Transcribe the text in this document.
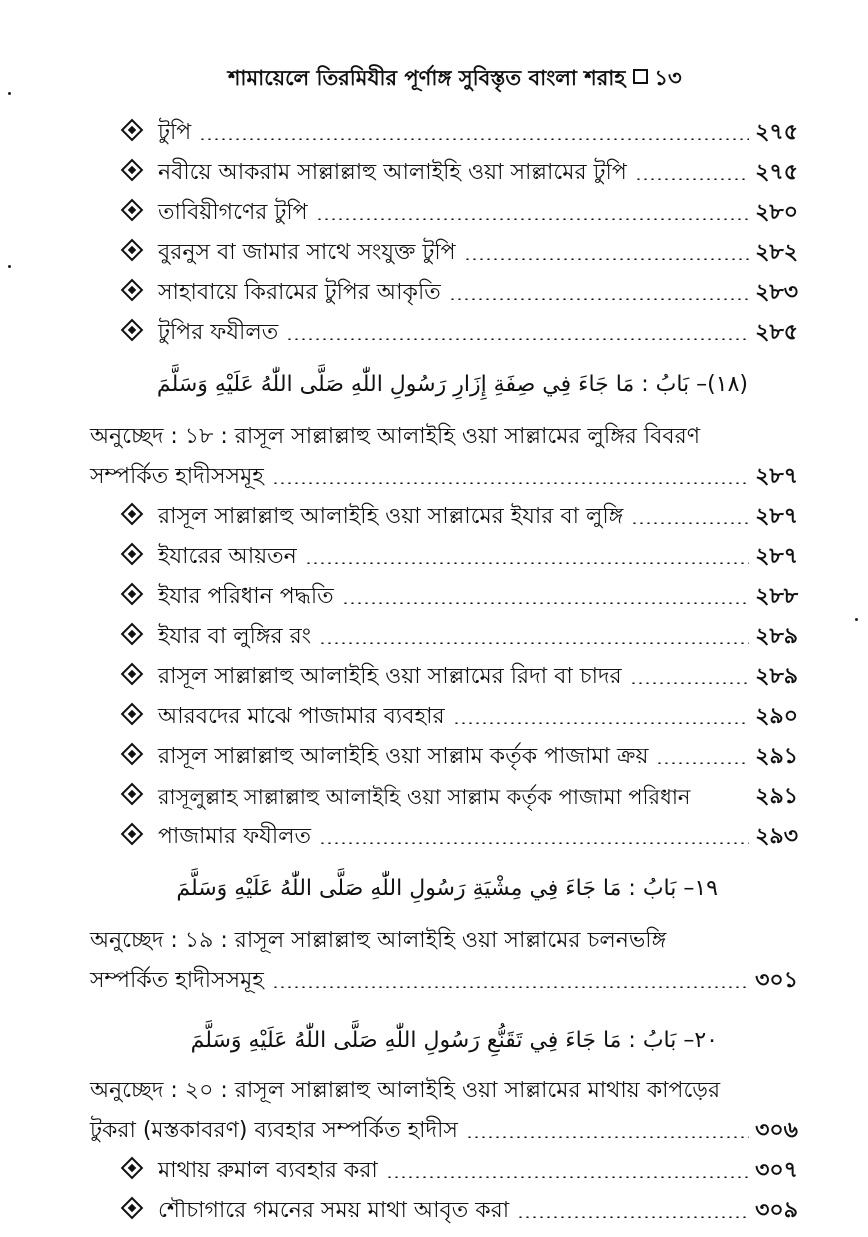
শামায়েলে তিরমিযীর পূর্ণাঙ্গ সুবিস্তৃত বাংলা শরাহ ১৩
টুপি	২৭৫
নবীয়ে আকরাম সাল্লাল্লাহু আলাইহি ওয়া সাল্লামের টুপি	২৭৫
তাবিয়ীগণের টুপি	২৮০
বুরনুস বা জামার সাথে সংযুক্ত টুপি	২৮২
সাহাবায়ে কিরামের টুপির আকৃতি	২৮৩
টুপির ফযীলত	২৮৫
(١٨)– بَابُ : مَا جَاءَ فِي صِفَةِ إِزَارِ رَسُولِ اللّٰهِ صَلَّى اللّٰهُ عَلَيْهِ وَسَلَّمَ
অনুচ্ছেদ : ১৮ : রাসূল সাল্লাল্লাহু আলাইহি ওয়া সাল্লামের লুঙ্গির বিবরণ
সম্পর্কিত হাদীসসমূহ	২৮৭
রাসূল সাল্লাল্লাহু আলাইহি ওয়া সাল্লামের ইযার বা লুঙ্গি	২৮৭
ইযারের আয়তন	২৮৭
ইযার পরিধান পদ্ধতি	২৮৮
ইযার বা লুঙ্গির রং	২৮৯
রাসূল সাল্লাল্লাহু আলাইহি ওয়া সাল্লামের রিদা বা চাদর	২৮৯
আরবদের মাঝে পাজামার ব্যবহার	২৯০
রাসূল সাল্লাল্লাহু আলাইহি ওয়া সাল্লাম কর্তৃক পাজামা ক্রয়	২৯১
রাসূলুল্লাহ সাল্লাল্লাহু আলাইহি ওয়া সাল্লাম কর্তৃক পাজামা পরিধান	২৯১
পাজামার ফযীলত	২৯৩
١٩– بَابُ : مَا جَاءَ فِي مِشْيَةِ رَسُولِ اللّٰهِ صَلَّى اللّٰهُ عَلَيْهِ وَسَلَّمَ
অনুচ্ছেদ : ১৯ : রাসূল সাল্লাল্লাহু আলাইহি ওয়া সাল্লামের চলনভঙ্গি
সম্পর্কিত হাদীসসমূহ	৩০১
٢٠– بَابُ : مَا جَاءَ فِي تَقَنُّعِ رَسُولِ اللّٰهِ صَلَّى اللّٰهُ عَلَيْهِ وَسَلَّمَ
অনুচ্ছেদ : ২০ : রাসূল সাল্লাল্লাহু আলাইহি ওয়া সাল্লামের মাথায় কাপড়ের
টুকরা (মস্তকাবরণ) ব্যবহার সম্পর্কিত হাদীস	৩০৬
মাথায় রুমাল ব্যবহার করা	৩০৭
শৌচাগারে গমনের সময় মাথা আবৃত করা	৩০৯
